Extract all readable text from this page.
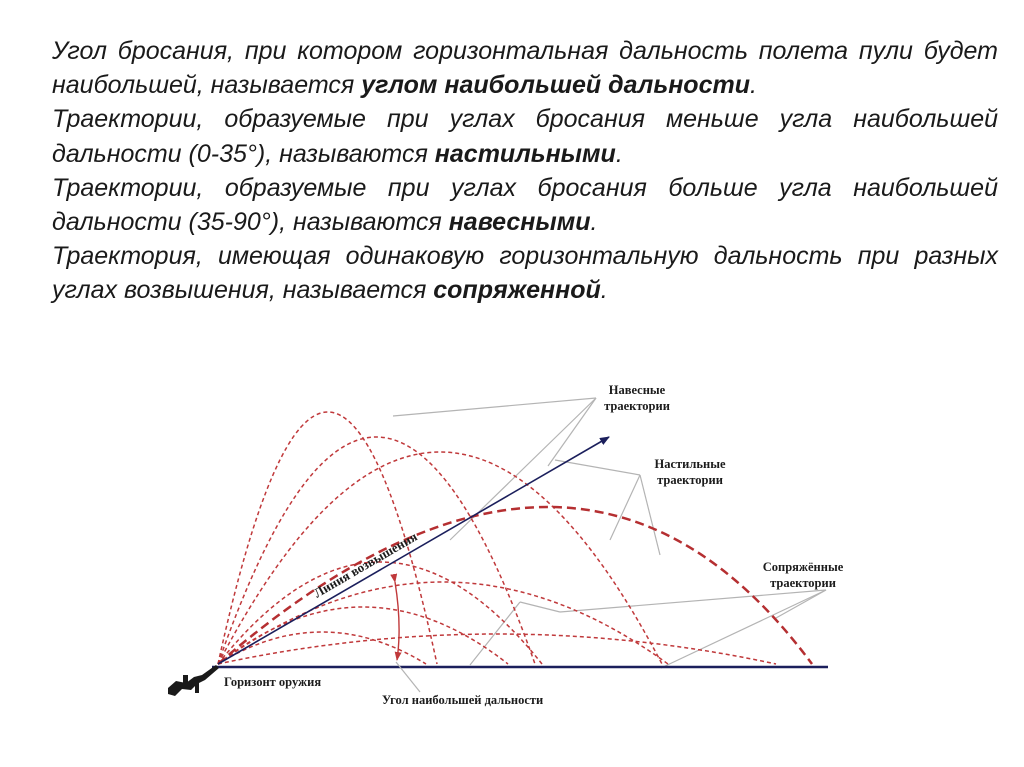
Угол бросания, при котором горизонтальная дальность полета пули будет наибольшей, называется углом наибольшей дальности.

Траектории, образуемые при углах бросания меньше угла наибольшей дальности (0-35°), называются настильными.

Траектории, образуемые при углах бросания больше угла наибольшей дальности (35-90°), называются навесными.

Траектория, имеющая одинаковую горизонтальную дальность при разных углах возвышения, называется сопряженной.

Навесные
траектории
Настильные
траектории
Сопряжённые
траектории
Линия возвышения
Горизонт оружия
Угол наибольшей дальности
